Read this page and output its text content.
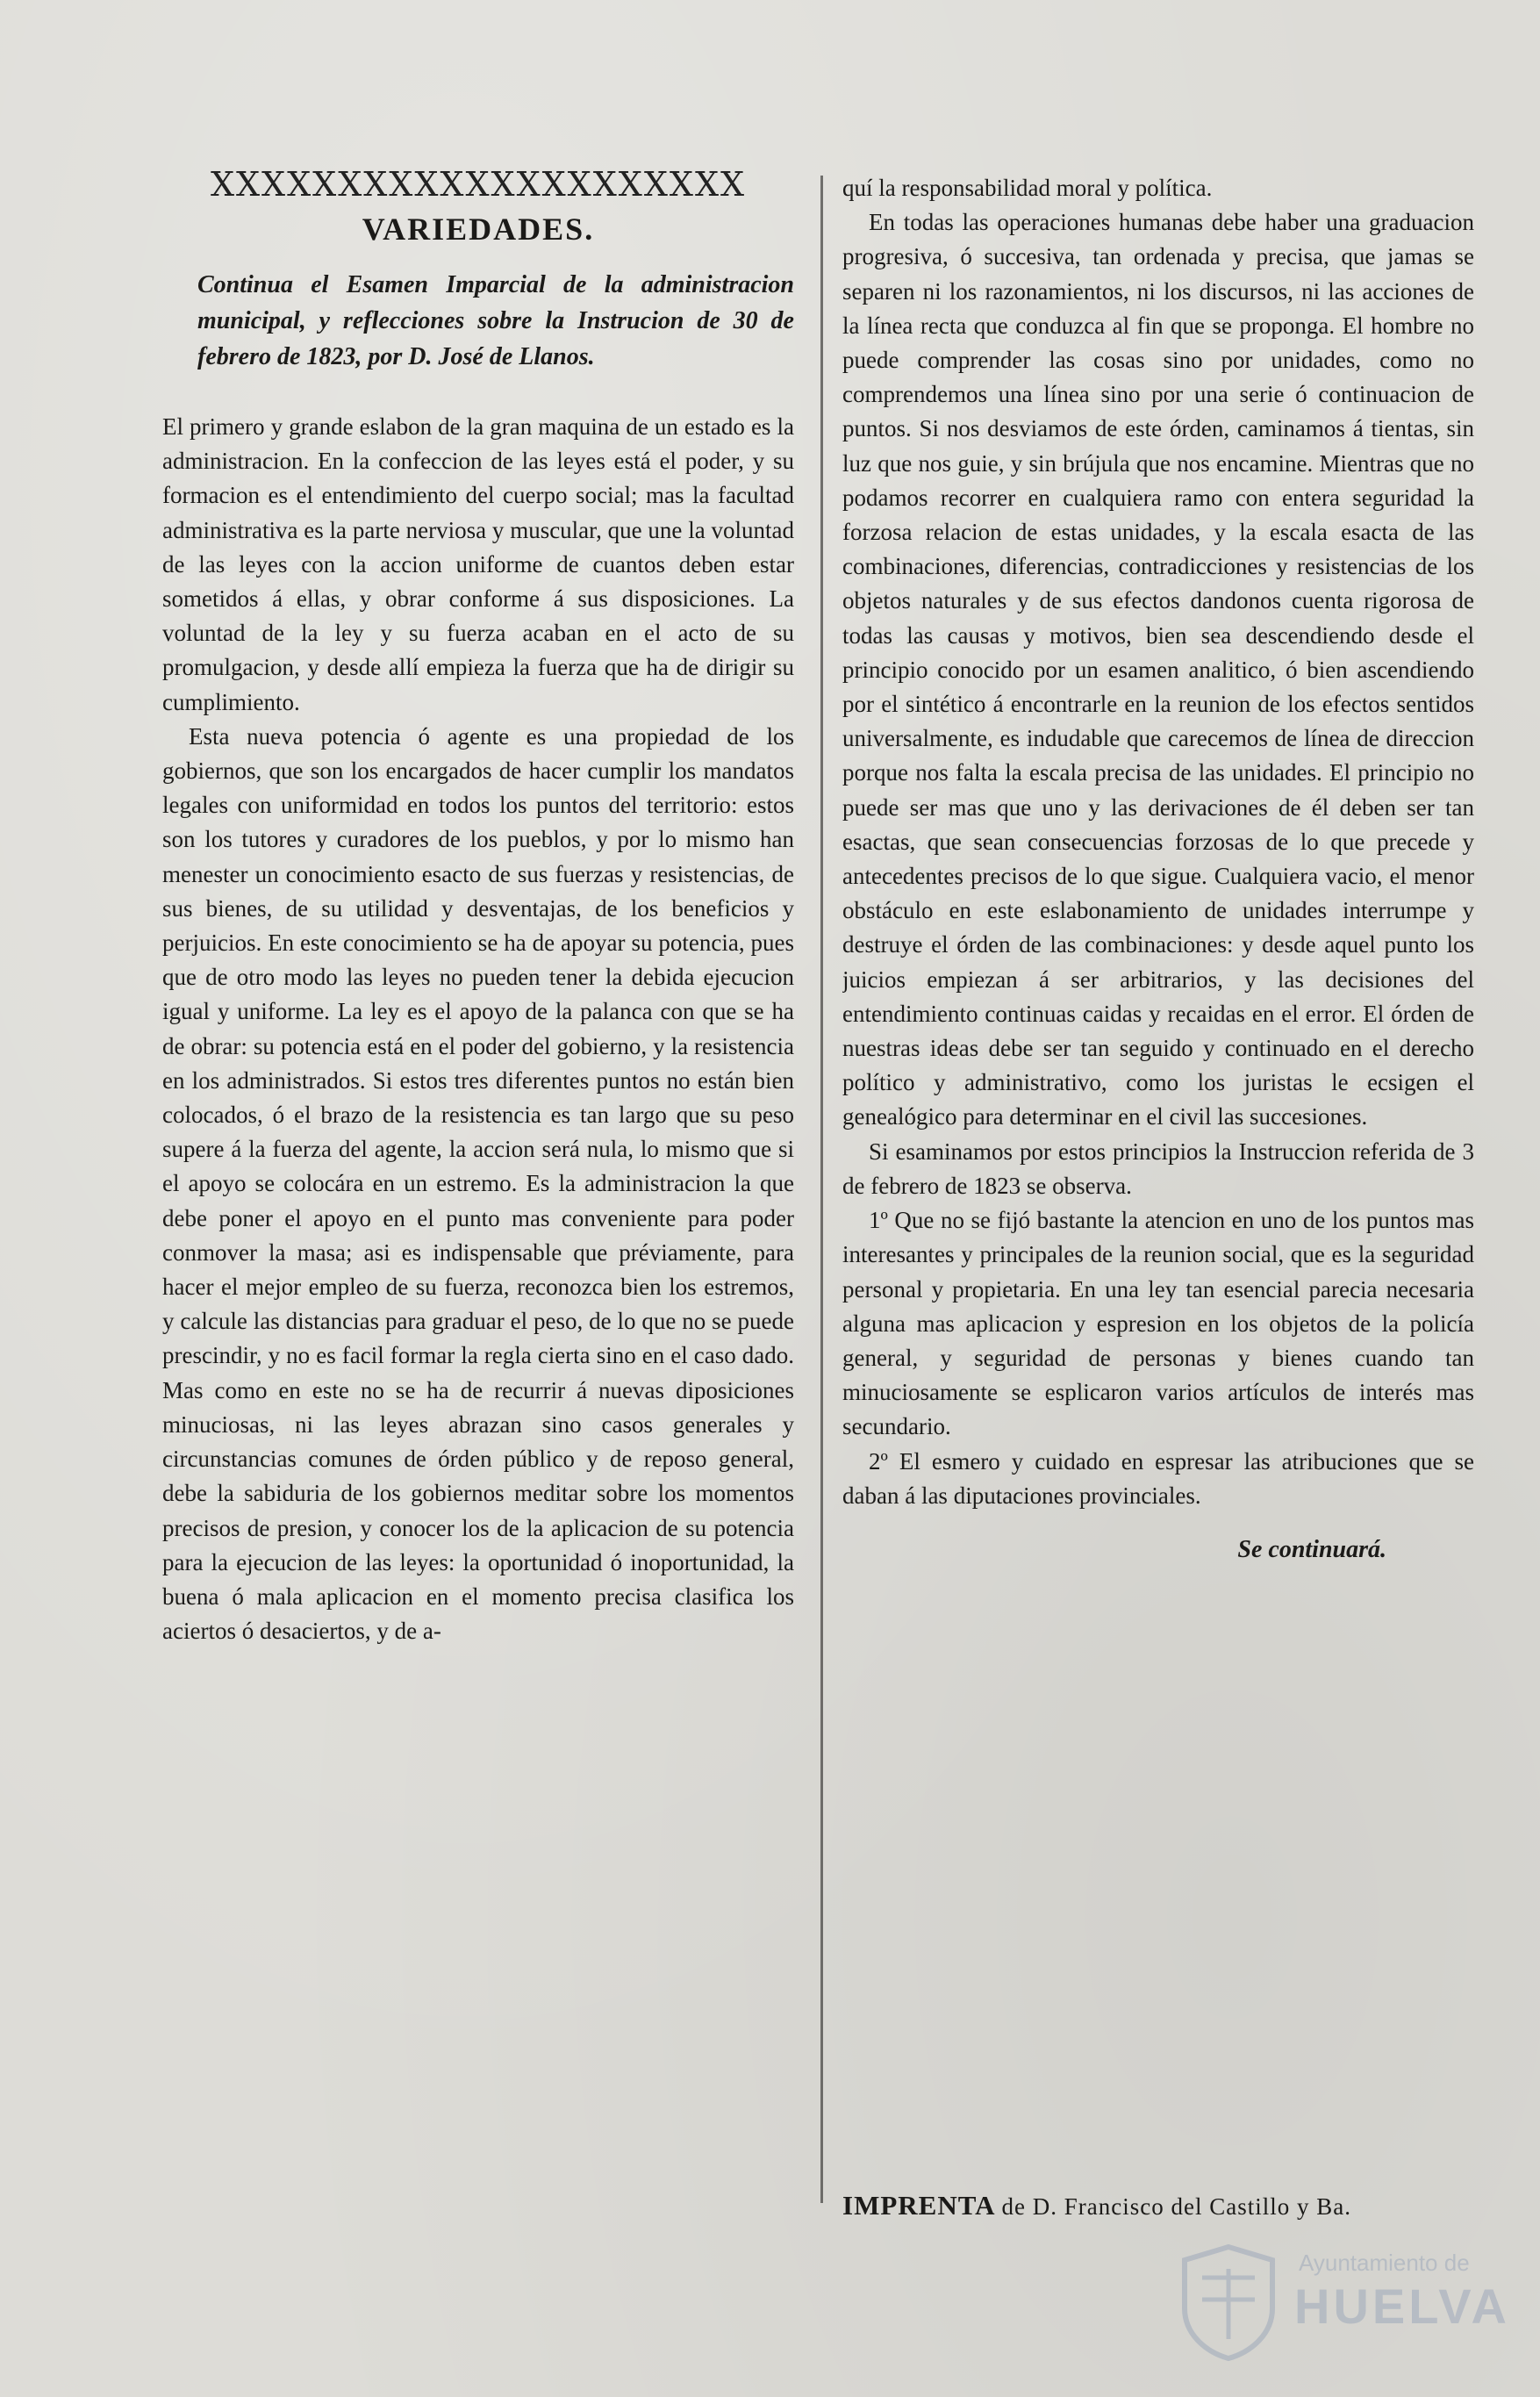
XXXXXXXXXXXXXXXXXXXXX
VARIEDADES.
Continua el Esamen Imparcial de la administracion municipal, y reflecciones sobre la Instrucion de 30 de febrero de 1823, por D. José de Llanos.

El primero y grande eslabon de la gran maquina de un estado es la administracion. En la confeccion de las leyes está el poder, y su formacion es el entendimiento del cuerpo social; mas la facultad administrativa es la parte nerviosa y muscular, que une la voluntad de las leyes con la accion uniforme de cuantos deben estar sometidos á ellas, y obrar conforme á sus disposiciones. La voluntad de la ley y su fuerza acaban en el acto de su promulgacion, y desde allí empieza la fuerza que ha de dirigir su cumplimiento.

Esta nueva potencia ó agente es una propiedad de los gobiernos, que son los encargados de hacer cumplir los mandatos legales con uniformidad en todos los puntos del territorio: estos son los tutores y curadores de los pueblos, y por lo mismo han menester un conocimiento esacto de sus fuerzas y resistencias, de sus bienes, de su utilidad y desventajas, de los beneficios y perjuicios. En este conocimiento se ha de apoyar su potencia, pues que de otro modo las leyes no pueden tener la debida ejecucion igual y uniforme. La ley es el apoyo de la palanca con que se ha de obrar: su potencia está en el poder del gobierno, y la resistencia en los administrados. Si estos tres diferentes puntos no están bien colocados, ó el brazo de la resistencia es tan largo que su peso supere á la fuerza del agente, la accion será nula, lo mismo que si el apoyo se colocára en un estremo. Es la administracion la que debe poner el apoyo en el punto mas conveniente para poder conmover la masa; asi es indispensable que préviamente, para hacer el mejor empleo de su fuerza, reconozca bien los estremos, y calcule las distancias para graduar el peso, de lo que no se puede prescindir, y no es facil formar la regla cierta sino en el caso dado. Mas como en este no se ha de recurrir á nuevas diposiciones minuciosas, ni las leyes abrazan sino casos generales y circunstancias comunes de órden público y de reposo general, debe la sabiduria de los gobiernos meditar sobre los momentos precisos de presion, y conocer los de la aplicacion de su potencia para la ejecucion de las leyes: la oportunidad ó inoportunidad, la buena ó mala aplicacion en el momento precisa clasifica los aciertos ó desaciertos, y de a-

quí la responsabilidad moral y política.

En todas las operaciones humanas debe haber una graduacion progresiva, ó succesiva, tan ordenada y precisa, que jamas se separen ni los razonamientos, ni los discursos, ni las acciones de la línea recta que conduzca al fin que se proponga. El hombre no puede comprender las cosas sino por unidades, como no comprendemos una línea sino por una serie ó continuacion de puntos. Si nos desviamos de este órden, caminamos á tientas, sin luz que nos guie, y sin brújula que nos encamine. Mientras que no podamos recorrer en cualquiera ramo con entera seguridad la forzosa relacion de estas unidades, y la escala esacta de las combinaciones, diferencias, contradicciones y resistencias de los objetos naturales y de sus efectos dandonos cuenta rigorosa de todas las causas y motivos, bien sea descendiendo desde el principio conocido por un esamen analitico, ó bien ascendiendo por el sintético á encontrarle en la reunion de los efectos sentidos universalmente, es indudable que carecemos de línea de direccion porque nos falta la escala precisa de las unidades. El principio no puede ser mas que uno y las derivaciones de él deben ser tan esactas, que sean consecuencias forzosas de lo que precede y antecedentes precisos de lo que sigue. Cualquiera vacio, el menor obstáculo en este eslabonamiento de unidades interrumpe y destruye el órden de las combinaciones: y desde aquel punto los juicios empiezan á ser arbitrarios, y las decisiones del entendimiento continuas caidas y recaidas en el error. El órden de nuestras ideas debe ser tan seguido y continuado en el derecho político y administrativo, como los juristas le ecsigen el genealógico para determinar en el civil las succesiones.

Si esaminamos por estos principios la Instruccion referida de 3 de febrero de 1823 se observa.

1º Que no se fijó bastante la atencion en uno de los puntos mas interesantes y principales de la reunion social, que es la seguridad personal y propietaria. En una ley tan esencial parecia necesaria alguna mas aplicacion y espresion en los objetos de la policía general, y seguridad de personas y bienes cuando tan minuciosamente se esplicaron varios artículos de interés mas secundario.

2º El esmero y cuidado en espresar las atribuciones que se daban á las diputaciones provinciales.

Se continuará.
IMPRENTA de D. Francisco del Castillo y Ba.
Ayuntamiento de
HUELVA
